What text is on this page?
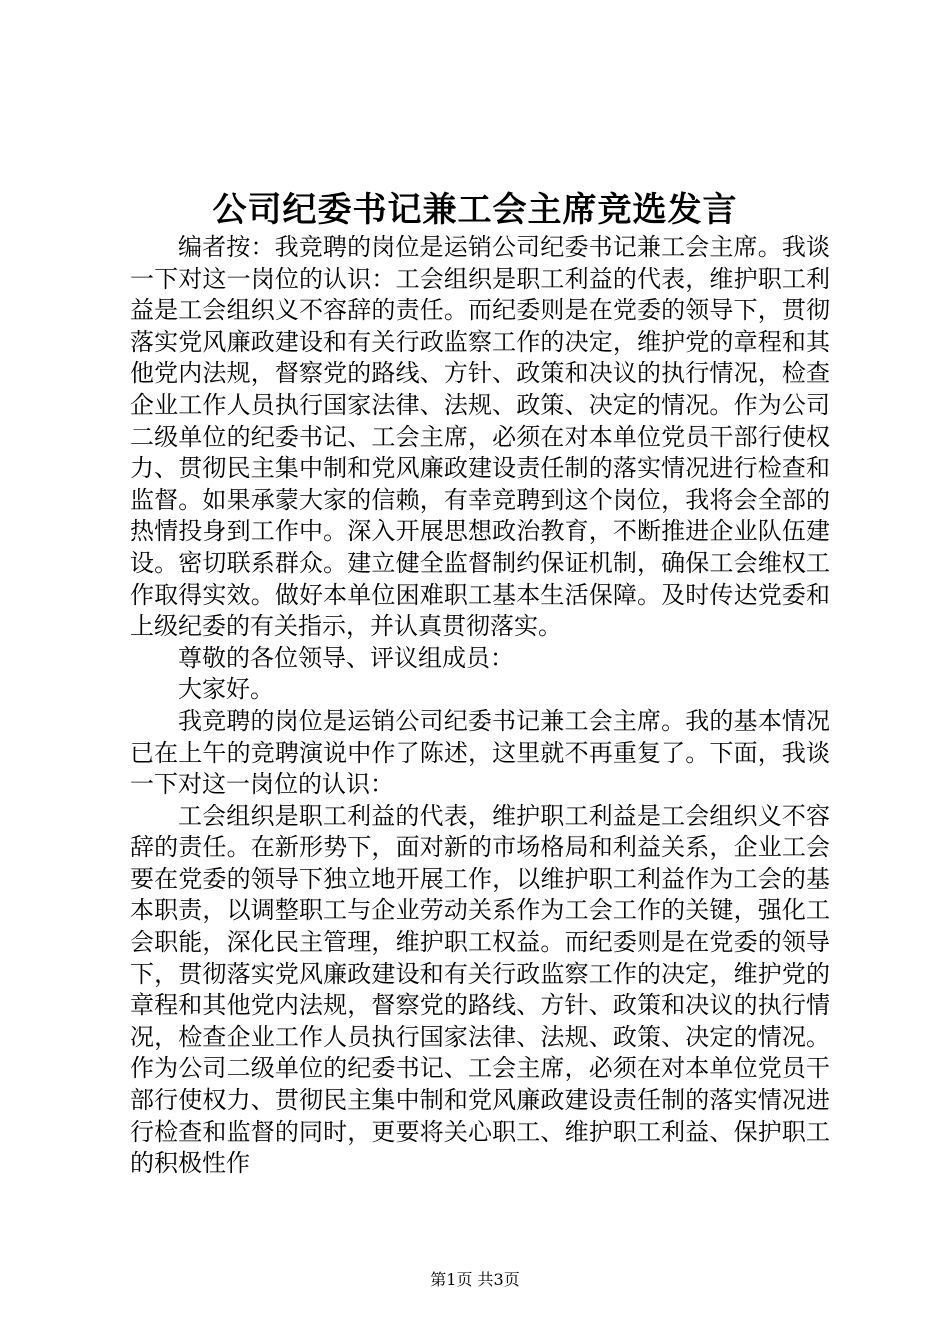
公司纪委书记兼工会主席竞选发言

编者按：我竞聘的岗位是运销公司纪委书记兼工会主席。我谈一下对这一岗位的认识：工会组织是职工利益的代表，维护职工利益是工会组织义不容辞的责任。而纪委则是在党委的领导下，贯彻落实党风廉政建设和有关行政监察工作的决定，维护党的章程和其他党内法规，督察党的路线、方针、政策和决议的执行情况，检查企业工作人员执行国家法律、法规、政策、决定的情况。作为公司二级单位的纪委书记、工会主席，必须在对本单位党员干部行使权力、贯彻民主集中制和党风廉政建设责任制的落实情况进行检查和监督。如果承蒙大家的信赖，有幸竞聘到这个岗位，我将会全部的热情投身到工作中。深入开展思想政治教育，不断推进企业队伍建设。密切联系群众。建立健全监督制约保证机制，确保工会维权工作取得实效。做好本单位困难职工基本生活保障。及时传达党委和上级纪委的有关指示，并认真贯彻落实。

尊敬的各位领导、评议组成员：

大家好。

我竞聘的岗位是运销公司纪委书记兼工会主席。我的基本情况已在上午的竞聘演说中作了陈述，这里就不再重复了。下面，我谈一下对这一岗位的认识：

工会组织是职工利益的代表，维护职工利益是工会组织义不容辞的责任。在新形势下，面对新的市场格局和利益关系，企业工会要在党委的领导下独立地开展工作，以维护职工利益作为工会的基本职责，以调整职工与企业劳动关系作为工会工作的关键，强化工会职能，深化民主管理，维护职工权益。而纪委则是在党委的领导下，贯彻落实党风廉政建设和有关行政监察工作的决定，维护党的章程和其他党内法规，督察党的路线、方针、政策和决议的执行情况，检查企业工作人员执行国家法律、法规、政策、决定的情况。作为公司二级单位的纪委书记、工会主席，必须在对本单位党员干部行使权力、贯彻民主集中制和党风廉政建设责任制的落实情况进行检查和监督的同时，更要将关心职工、维护职工利益、保护职工的积极性作

第1页 共3页
